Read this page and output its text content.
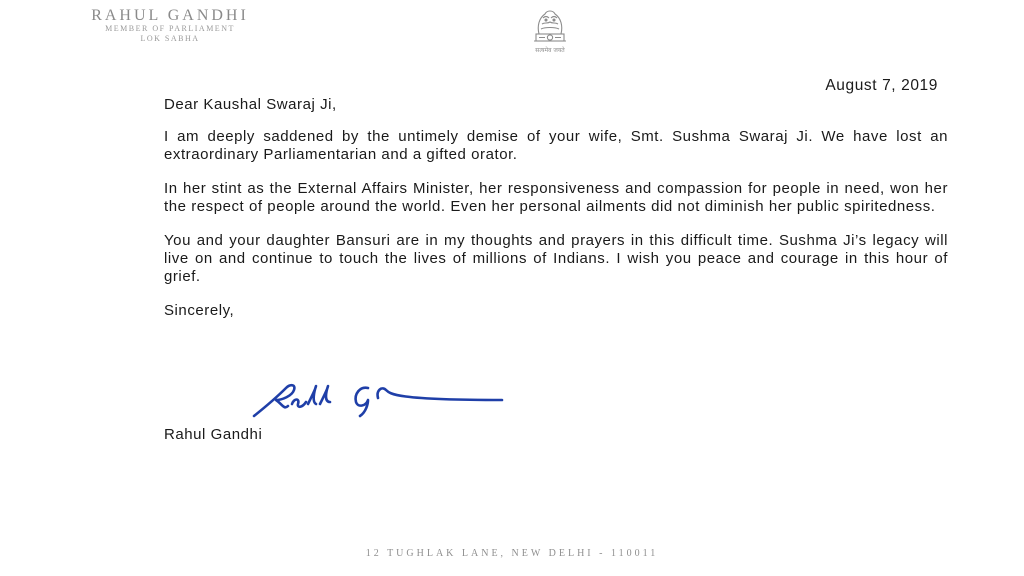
RAHUL GANDHI
MEMBER OF PARLIAMENT
LOK SABHA
सत्यमेव जयते
August 7, 2019

Dear Kaushal Swaraj Ji,

I am deeply saddened by the untimely demise of your wife, Smt. Sushma Swaraj Ji. We have lost an extraordinary Parliamentarian and a gifted orator.

In her stint as the External Affairs Minister, her responsiveness and compassion for people in need, won her the respect of people around the world. Even her personal ailments did not diminish her public spiritedness.

You and your daughter Bansuri are in my thoughts and prayers in this difficult time. Sushma Ji’s legacy will live on and continue to touch the lives of millions of Indians. I wish you peace and courage in this hour of grief.

Sincerely,

Rahul Gandhi
12 TUGHLAK LANE, NEW DELHI - 110011
